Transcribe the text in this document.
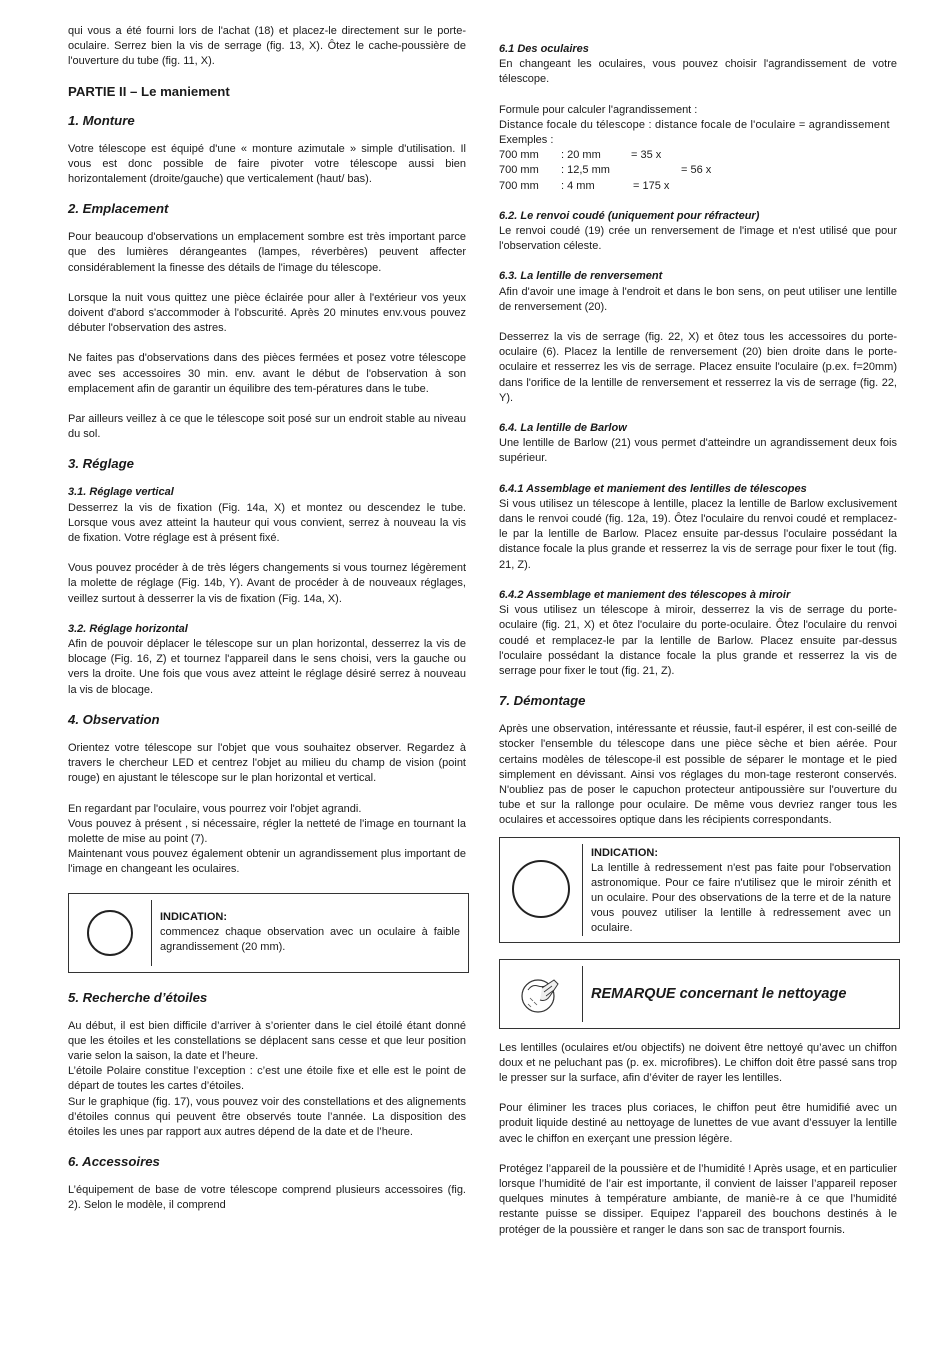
qui vous a été fourni lors de l'achat (18) et placez-le directement sur le porte-oculaire. Serrez bien la vis de serrage (fig. 13, X). Ôtez le cache-poussière de l'ouverture du tube (fig. 11, X).

PARTIE II – Le maniement
1. Monture

Votre télescope est équipé d'une « monture azimutale » simple d'utilisation. Il vous est donc possible de faire pivoter votre télescope aussi bien horizontalement (droite/gauche) que verticalement (haut/ bas).

2. Emplacement

Pour beaucoup d'observations un emplacement sombre est très important parce que des lumières dérangeantes (lampes, réverbères) peuvent affecter considérablement la finesse des détails de l'image du télescope.

Lorsque la nuit vous quittez une pièce éclairée pour aller à l'extérieur vos yeux doivent d'abord s'accommoder à l'obscurité. Après 20 minutes env.vous pouvez débuter l'observation des astres.

Ne faites pas d'observations dans des pièces fermées et posez votre télescope avec ses accessoires 30 min. env. avant le début de l'observation à son emplacement afin de garantir un équilibre des tem-pératures dans le tube.

Par ailleurs veillez à ce que le télescope soit posé sur un endroit stable au niveau du sol.

3. Réglage
3.1. Réglage vertical

Desserrez la vis de fixation (Fig. 14a, X) et montez ou descendez le tube. Lorsque vous avez atteint la hauteur qui vous convient, serrez à nouveau la vis de fixation. Votre réglage est à présent fixé.

Vous pouvez procéder à de très légers changements si vous tournez légèrement la molette de réglage (Fig. 14b, Y). Avant de procéder à de nouveaux réglages, veillez surtout à desserrer la vis de fixation (Fig. 14a, X).

3.2. Réglage horizontal

Afin de pouvoir déplacer le télescope sur un plan horizontal, desserrez la vis de blocage (Fig. 16, Z) et tournez l'appareil dans le sens choisi, vers la gauche ou vers la droite. Une fois que vous avez atteint le réglage désiré serrez à nouveau la vis de blocage.

4. Observation

Orientez votre télescope sur l'objet que vous souhaitez observer. Regardez à travers le chercheur LED et centrez l'objet au milieu du champ de vision (point rouge) en ajustant le télescope sur le plan horizontal et vertical.

En regardant par l'oculaire, vous pourrez voir l'objet agrandi.

Vous pouvez à présent , si nécessaire, régler la netteté de l'image en tournant la molette de mise au point (7).

Maintenant vous pouvez également obtenir un agrandissement plus important de l'image en changeant les oculaires.

INDICATION:
commencez chaque observation avec un oculaire à faible agrandissement (20 mm).
5. Recherche d’étoiles

Au début, il est bien difficile d’arriver à s’orienter dans le ciel étoilé étant donné que les étoiles et les constellations se déplacent sans cesse et que leur position varie selon la saison, la date et l’heure.

L’étoile Polaire constitue l’exception : c’est une étoile fixe et elle est le point de départ de toutes les cartes d’étoiles.

Sur le graphique (fig. 17), vous pouvez voir des constellations et des alignements d’étoiles connus qui peuvent être observés toute l’année. La disposition des étoiles les unes par rapport aux autres dépend de la date et de l’heure.

6. Accessoires

L’équipement de base de votre télescope comprend plusieurs accessoires (fig. 2). Selon le modèle, il comprend

6.1 Des oculaires

En changeant les oculaires, vous pouvez choisir l'agrandissement de votre télescope.

Formule pour calculer l'agrandissement :

Distance focale du télescope : distance focale de l'oculaire = agrandissement

Exemples :

700 mm : 20 mm	= 35 x

700 mm : 12,5 mm	= 56 x

700 mm : 4 mm	= 175 x

6.2. Le renvoi coudé (uniquement pour réfracteur)

Le renvoi coudé (19) crée un renversement de l'image et n'est utilisé que pour l'observation céleste.

6.3. La lentille de renversement

Afin d'avoir une image à l'endroit et dans le bon sens, on peut utiliser une lentille de renversement (20).

Desserrez la vis de serrage (fig. 22, X) et ôtez tous les accessoires du porte-oculaire (6). Placez la lentille de renversement (20) bien droite dans le porte-oculaire et resserrez les vis de serrage. Placez ensuite l'oculaire (p.ex. f=20mm) dans l'orifice de la lentille de renversement et resserrez la vis de serrage (fig. 22, Y).

6.4. La lentille de Barlow

Une lentille de Barlow (21) vous permet d'atteindre un agrandissement deux fois supérieur.

6.4.1 Assemblage et maniement des lentilles de télescopes

Si vous utilisez un télescope à lentille, placez la lentille de Barlow exclusivement dans le renvoi coudé (fig. 12a, 19). Ôtez l'oculaire du renvoi coudé et remplacez-le par la lentille de Barlow. Placez ensuite par-dessus l'oculaire possédant la distance focale la plus grande et resserrez la vis de serrage pour fixer le tout (fig. 21, Z).

6.4.2 Assemblage et maniement des télescopes à miroir

Si vous utilisez un télescope à miroir, desserrez la vis de serrage du porte-oculaire (fig. 21, X) et ôtez l'oculaire du porte-oculaire. Ôtez l'oculaire du renvoi coudé et remplacez-le par la lentille de Barlow. Placez ensuite par-dessus l'oculaire possédant la distance focale la plus grande et resserrez la vis de serrage pour fixer le tout (fig. 21, Z).

7. Démontage

Après une observation, intéressante et réussie, faut-il espérer, il est con-seillé de stocker l'ensemble du télescope dans une pièce sèche et bien aérée. Pour certains modèles de télescope-il est possible de séparer le montage et le pied simplement en dévissant. Ainsi vos réglages du mon-tage resteront conservés. N'oubliez pas de poser le capuchon protecteur antipoussière sur l'ouverture du tube et sur la rallonge pour oculaire. De même vous devriez ranger tous les oculaires et accessoires optique dans les récipients correspondants.

INDICATION:
La lentille à redressement n'est pas faite pour l'observation astronomique. Pour ce faire n'utilisez que le miroir zénith et un oculaire. Pour des observations de la terre et de la nature vous pouvez utiliser la lentille à redressement avec un oculaire.
REMARQUE concernant le nettoyage

Les lentilles (oculaires et/ou objectifs) ne doivent être nettoyé qu’avec un chiffon doux et ne peluchant pas (p. ex. microfibres). Le chiffon doit être passé sans trop le presser sur la surface, afin d’éviter de rayer les lentilles.

Pour éliminer les traces plus coriaces, le chiffon peut être humidifié avec un produit liquide destiné au nettoyage de lunettes de vue avant d’essuyer la lentille avec le chiffon en exerçant une pression légère.

Protégez l’appareil de la poussière et de l’humidité ! Après usage, et en particulier lorsque l’humidité de l’air est importante, il convient de laisser l’appareil reposer quelques minutes à température ambiante, de maniè-re à ce que l’humidité restante puisse se dissiper. Equipez l’appareil des bouchons destinés à le protéger de la poussière et ranger le dans son sac de transport fournis.
